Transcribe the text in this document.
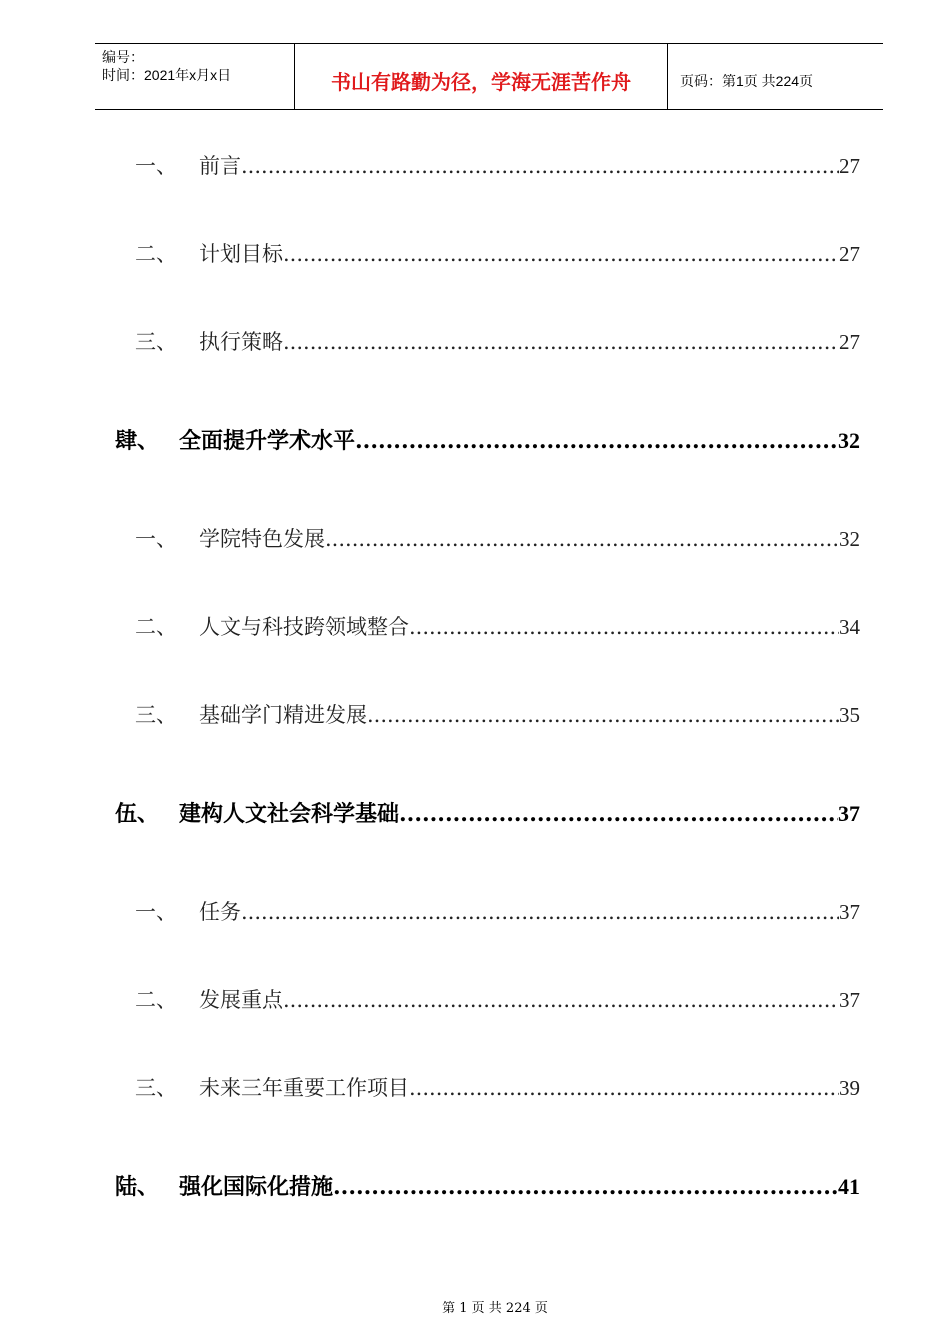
编号：
时间：2021年x月x日	书山有路勤为径，学海无涯苦作舟	页码：第1页 共224页
一、	前言 .....	27
二、	计划目标 .....	27
三、	执行策略 .....	27
肆、 全面提升学术水平 .....	32
一、	学院特色发展 .....	32
二、	人文与科技跨领域整合 .....	34
三、	基础学门精进发展 .....	35
伍、 建构人文社会科学基础 .....	37
一、	任务 .....	37
二、	发展重点 .....	37
三、	未来三年重要工作项目 .....	39
陆、 强化国际化措施 .....	41
第 1 页 共 224 页
